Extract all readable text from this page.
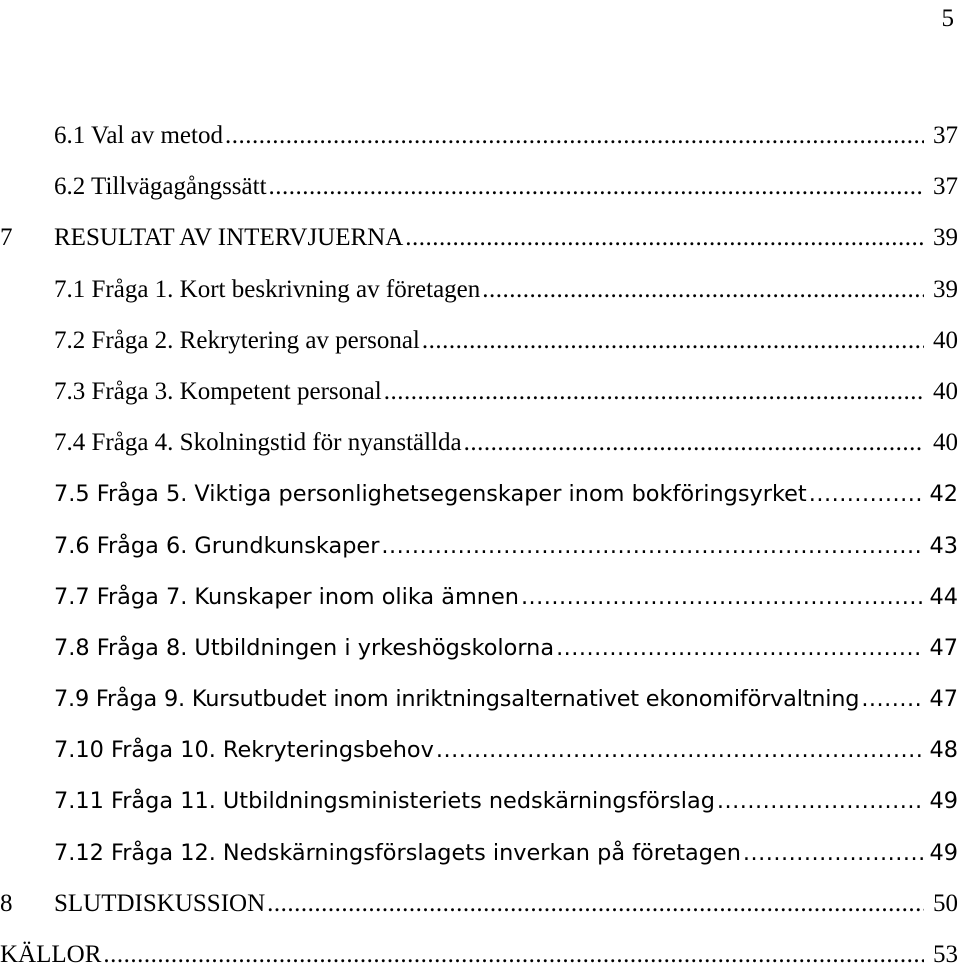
5
6.1 Val av metod .....	37
6.2 Tillvägagångssätt .....	37
7	RESULTAT AV INTERVJUERNA .....	39
7.1 Fråga 1. Kort beskrivning av företagen .....	39
7.2 Fråga 2. Rekrytering av personal .....	40
7.3 Fråga 3. Kompetent personal .....	40
7.4 Fråga 4. Skolningstid för nyanställda .....	40
7.5 Fråga 5. Viktiga personlighetsegenskaper inom bokföringsyrket .....	42
7.6 Fråga 6. Grundkunskaper .....	43
7.7 Fråga 7. Kunskaper inom olika ämnen .....	44
7.8 Fråga 8. Utbildningen i yrkeshögskolorna .....	47
7.9 Fråga 9. Kursutbudet inom inriktningsalternativet ekonomiförvaltning .....	47
7.10 Fråga 10. Rekryteringsbehov .....	48
7.11 Fråga 11. Utbildningsministeriets nedskärningsförslag .....	49
7.12 Fråga 12. Nedskärningsförslagets inverkan på företagen .....	49
8	SLUTDISKUSSION .....	50
KÄLLOR .....	53
